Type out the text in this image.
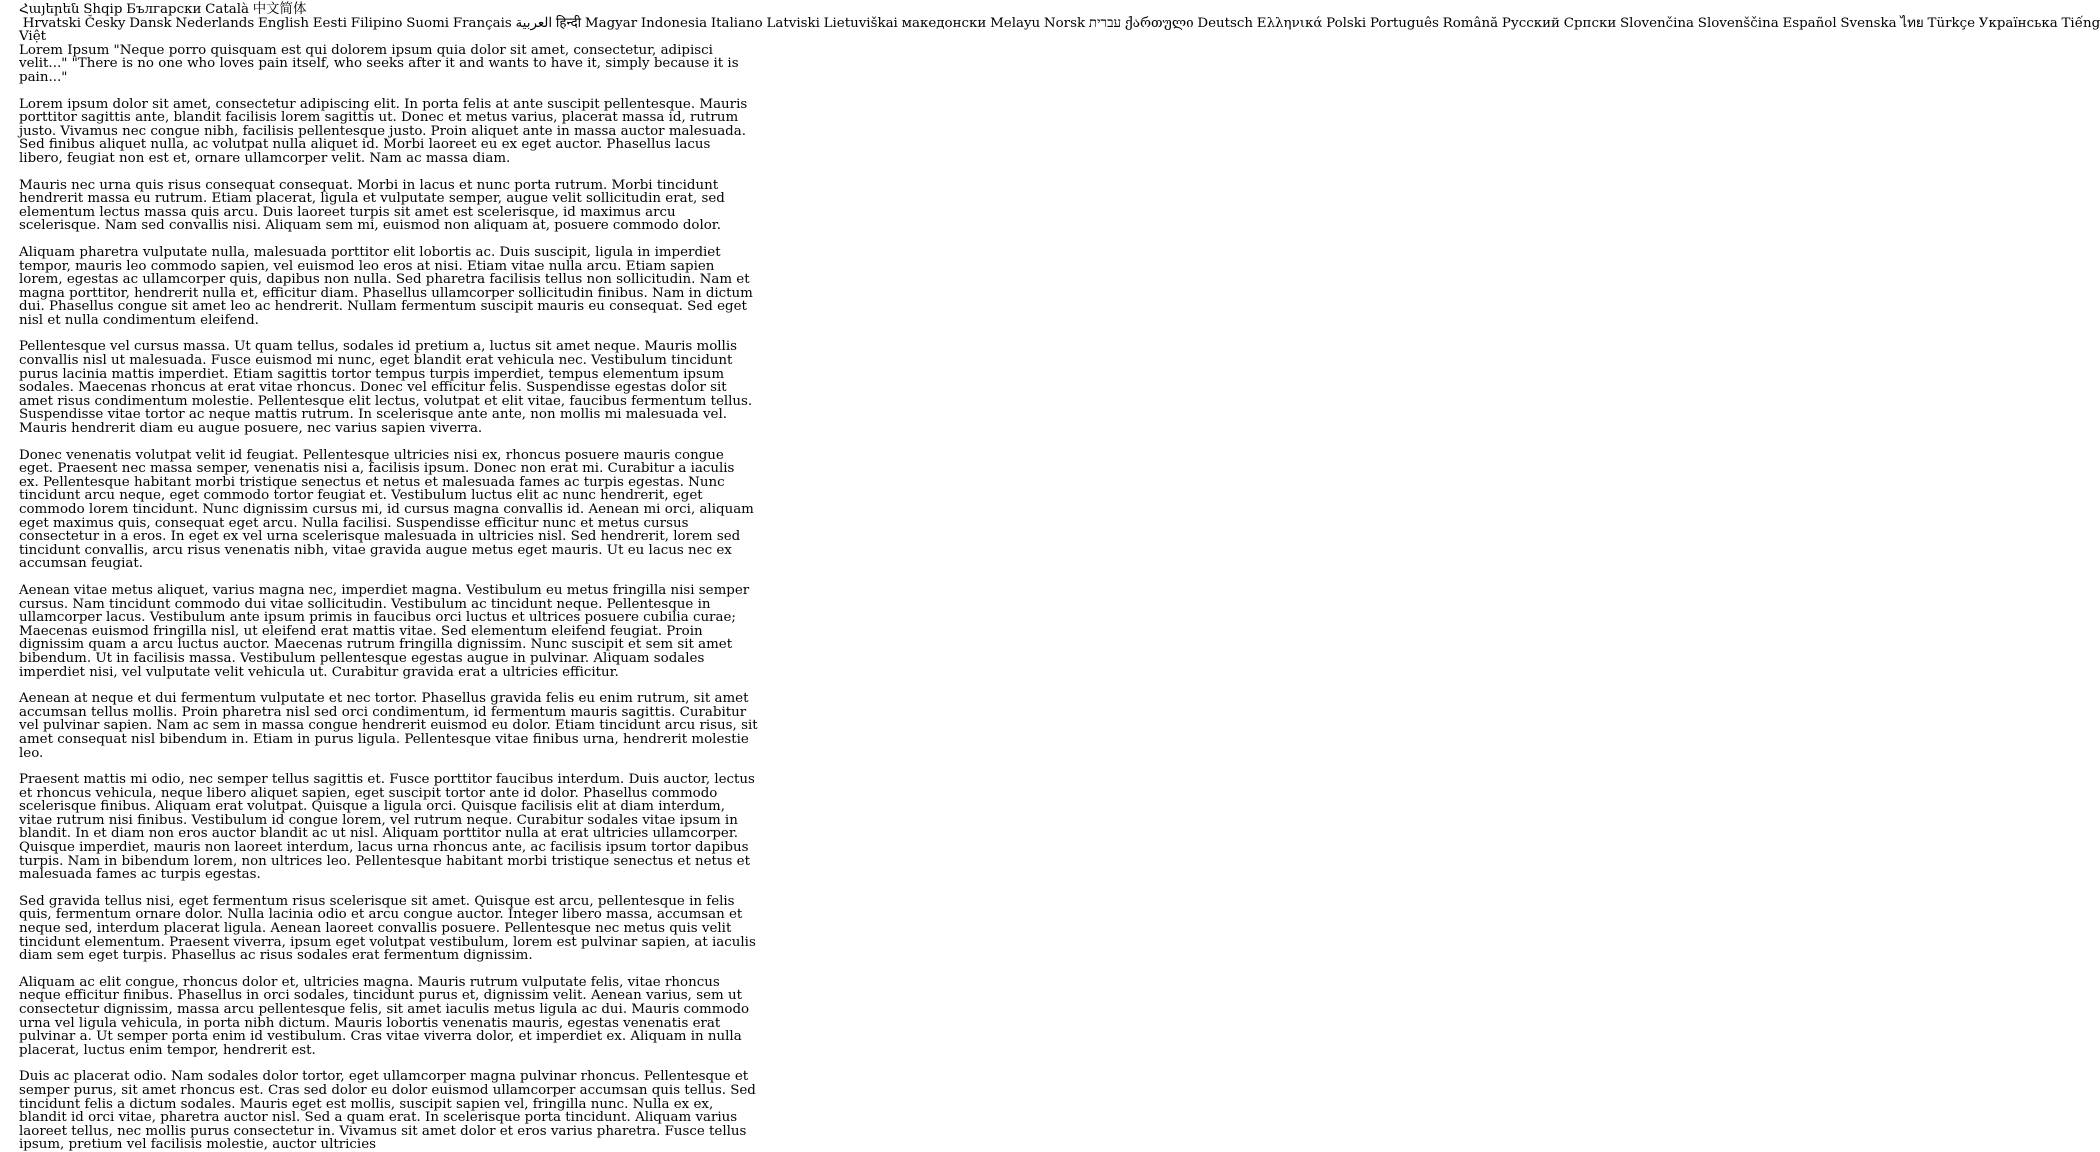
Հայերեն Shqip Български Català 中文简体Hrvatski Česky Dansk Nederlands English Eesti Filipino Suomi Français العربية हिन्दी Magyar Indonesia Italiano Latviski Lietuviškai македонски Melayu Norsk עברית ქართული Deutsch Ελληνικά Polski Português Română Русский Српски Slovenčina Slovenščina Español Svenska ไทย Türkçe Українська Tiếng Việt

Lorem Ipsum "Neque porro quisquam est qui dolorem ipsum quia dolor sit amet, consectetur, adipisci velit..." "There is no one who loves pain itself, who seeks after it and wants to have it, simply because it is pain..."

Lorem ipsum dolor sit amet, consectetur adipiscing elit. In porta felis at ante suscipit pellentesque. Mauris porttitor sagittis ante, blandit facilisis lorem sagittis ut. Donec et metus varius, placerat massa id, rutrum justo. Vivamus nec congue nibh, facilisis pellentesque justo. Proin aliquet ante in massa auctor malesuada. Sed finibus aliquet nulla, ac volutpat nulla aliquet id. Morbi laoreet eu ex eget auctor. Phasellus lacus libero, feugiat non est et, ornare ullamcorper velit. Nam ac massa diam.

Mauris nec urna quis risus consequat consequat. Morbi in lacus et nunc porta rutrum. Morbi tincidunt hendrerit massa eu rutrum. Etiam placerat, ligula et vulputate semper, augue velit sollicitudin erat, sed elementum lectus massa quis arcu. Duis laoreet turpis sit amet est scelerisque, id maximus arcu scelerisque. Nam sed convallis nisi. Aliquam sem mi, euismod non aliquam at, posuere commodo dolor.

Aliquam pharetra vulputate nulla, malesuada porttitor elit lobortis ac. Duis suscipit, ligula in imperdiet tempor, mauris leo commodo sapien, vel euismod leo eros at nisi. Etiam vitae nulla arcu. Etiam sapien lorem, egestas ac ullamcorper quis, dapibus non nulla. Sed pharetra facilisis tellus non sollicitudin. Nam et magna porttitor, hendrerit nulla et, efficitur diam. Phasellus ullamcorper sollicitudin finibus. Nam in dictum dui. Phasellus congue sit amet leo ac hendrerit. Nullam fermentum suscipit mauris eu consequat. Sed eget nisl et nulla condimentum eleifend.

Pellentesque vel cursus massa. Ut quam tellus, sodales id pretium a, luctus sit amet neque. Mauris mollis convallis nisl ut malesuada. Fusce euismod mi nunc, eget blandit erat vehicula nec. Vestibulum tincidunt purus lacinia mattis imperdiet. Etiam sagittis tortor tempus turpis imperdiet, tempus elementum ipsum sodales. Maecenas rhoncus at erat vitae rhoncus. Donec vel efficitur felis. Suspendisse egestas dolor sit amet risus condimentum molestie. Pellentesque elit lectus, volutpat et elit vitae, faucibus fermentum tellus. Suspendisse vitae tortor ac neque mattis rutrum. In scelerisque ante ante, non mollis mi malesuada vel. Mauris hendrerit diam eu augue posuere, nec varius sapien viverra.

Donec venenatis volutpat velit id feugiat. Pellentesque ultricies nisi ex, rhoncus posuere mauris congue eget. Praesent nec massa semper, venenatis nisi a, facilisis ipsum. Donec non erat mi. Curabitur a iaculis ex. Pellentesque habitant morbi tristique senectus et netus et malesuada fames ac turpis egestas. Nunc tincidunt arcu neque, eget commodo tortor feugiat et. Vestibulum luctus elit ac nunc hendrerit, eget commodo lorem tincidunt. Nunc dignissim cursus mi, id cursus magna convallis id. Aenean mi orci, aliquam eget maximus quis, consequat eget arcu. Nulla facilisi. Suspendisse efficitur nunc et metus cursus consectetur in a eros. In eget ex vel urna scelerisque malesuada in ultricies nisl. Sed hendrerit, lorem sed tincidunt convallis, arcu risus venenatis nibh, vitae gravida augue metus eget mauris. Ut eu lacus nec ex accumsan feugiat.

Aenean vitae metus aliquet, varius magna nec, imperdiet magna. Vestibulum eu metus fringilla nisi semper cursus. Nam tincidunt commodo dui vitae sollicitudin. Vestibulum ac tincidunt neque. Pellentesque in ullamcorper lacus. Vestibulum ante ipsum primis in faucibus orci luctus et ultrices posuere cubilia curae; Maecenas euismod fringilla nisl, ut eleifend erat mattis vitae. Sed elementum eleifend feugiat. Proin dignissim quam a arcu luctus auctor. Maecenas rutrum fringilla dignissim. Nunc suscipit et sem sit amet bibendum. Ut in facilisis massa. Vestibulum pellentesque egestas augue in pulvinar. Aliquam sodales imperdiet nisi, vel vulputate velit vehicula ut. Curabitur gravida erat a ultricies efficitur.

Aenean at neque et dui fermentum vulputate et nec tortor. Phasellus gravida felis eu enim rutrum, sit amet accumsan tellus mollis. Proin pharetra nisl sed orci condimentum, id fermentum mauris sagittis. Curabitur vel pulvinar sapien. Nam ac sem in massa congue hendrerit euismod eu dolor. Etiam tincidunt arcu risus, sit amet consequat nisl bibendum in. Etiam in purus ligula. Pellentesque vitae finibus urna, hendrerit molestie leo.

Praesent mattis mi odio, nec semper tellus sagittis et. Fusce porttitor faucibus interdum. Duis auctor, lectus et rhoncus vehicula, neque libero aliquet sapien, eget suscipit tortor ante id dolor. Phasellus commodo scelerisque finibus. Aliquam erat volutpat. Quisque a ligula orci. Quisque facilisis elit at diam interdum, vitae rutrum nisi finibus. Vestibulum id congue lorem, vel rutrum neque. Curabitur sodales vitae ipsum in blandit. In et diam non eros auctor blandit ac ut nisl. Aliquam porttitor nulla at erat ultricies ullamcorper. Quisque imperdiet, mauris non laoreet interdum, lacus urna rhoncus ante, ac facilisis ipsum tortor dapibus turpis. Nam in bibendum lorem, non ultrices leo. Pellentesque habitant morbi tristique senectus et netus et malesuada fames ac turpis egestas.

Sed gravida tellus nisi, eget fermentum risus scelerisque sit amet. Quisque est arcu, pellentesque in felis quis, fermentum ornare dolor. Nulla lacinia odio et arcu congue auctor. Integer libero massa, accumsan et neque sed, interdum placerat ligula. Aenean laoreet convallis posuere. Pellentesque nec metus quis velit tincidunt elementum. Praesent viverra, ipsum eget volutpat vestibulum, lorem est pulvinar sapien, at iaculis diam sem eget turpis. Phasellus ac risus sodales erat fermentum dignissim.

Aliquam ac elit congue, rhoncus dolor et, ultricies magna. Mauris rutrum vulputate felis, vitae rhoncus neque efficitur finibus. Phasellus in orci sodales, tincidunt purus et, dignissim velit. Aenean varius, sem ut consectetur dignissim, massa arcu pellentesque felis, sit amet iaculis metus ligula ac dui. Mauris commodo urna vel ligula vehicula, in porta nibh dictum. Mauris lobortis venenatis mauris, egestas venenatis erat pulvinar a. Ut semper porta enim id vestibulum. Cras vitae viverra dolor, et imperdiet ex. Aliquam in nulla placerat, luctus enim tempor, hendrerit est.

Duis ac placerat odio. Nam sodales dolor tortor, eget ullamcorper magna pulvinar rhoncus. Pellentesque et semper purus, sit amet rhoncus est. Cras sed dolor eu dolor euismod ullamcorper accumsan quis tellus. Sed tincidunt felis a dictum sodales. Mauris eget est mollis, suscipit sapien vel, fringilla nunc. Nulla ex ex, blandit id orci vitae, pharetra auctor nisl. Sed a quam erat. In scelerisque porta tincidunt. Aliquam varius laoreet tellus, nec mollis purus consectetur in. Vivamus sit amet dolor et eros varius pharetra. Fusce tellus ipsum, pretium vel facilisis molestie, auctor ultricies
